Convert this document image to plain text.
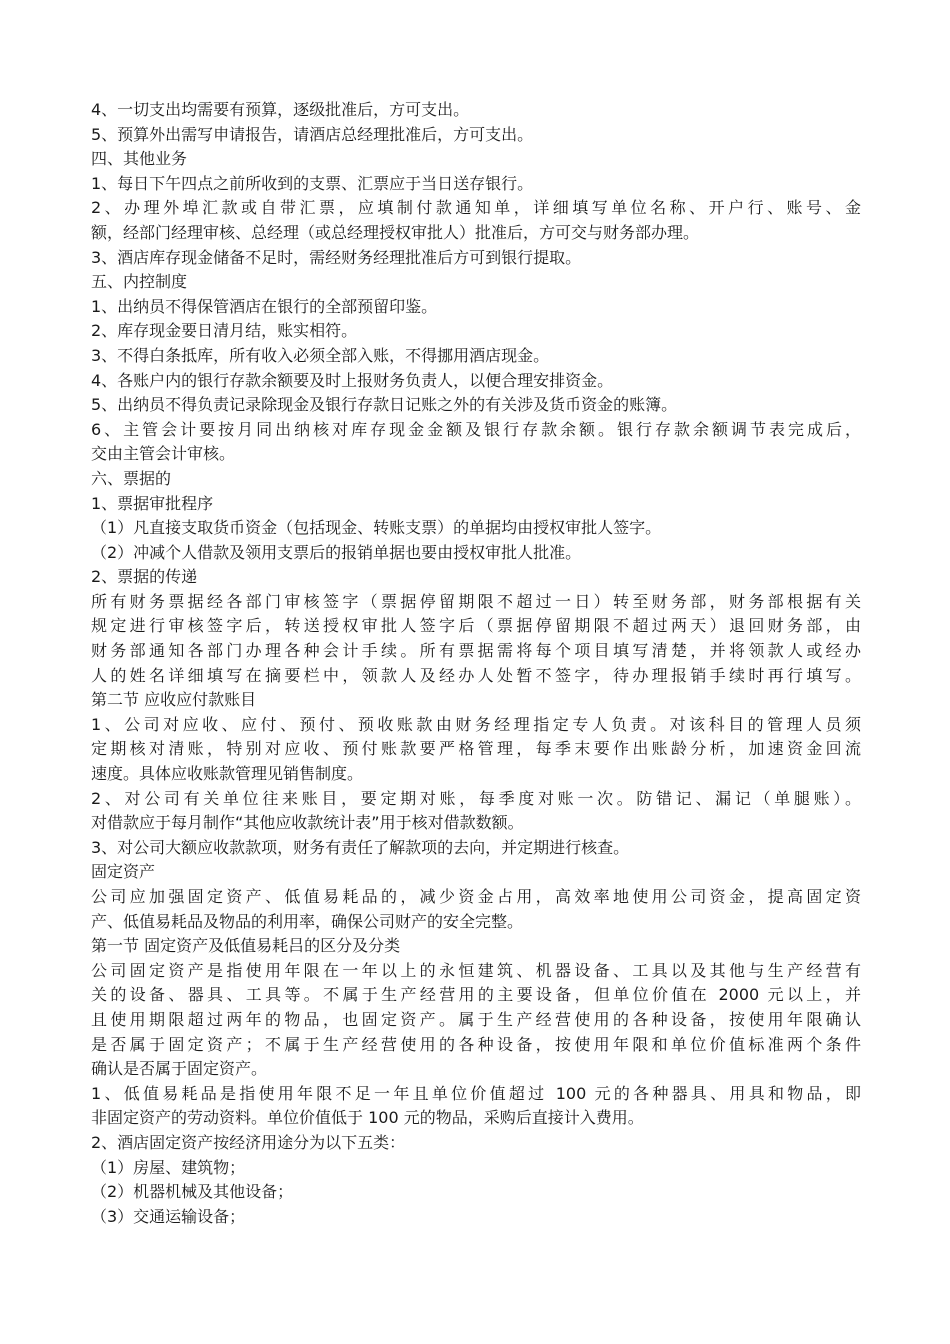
4、一切支出均需要有预算，逐级批准后，方可支出。

5、预算外出需写申请报告，请酒店总经理批准后，方可支出。

四、其他业务

1、每日下午四点之前所收到的支票、汇票应于当日送存银行。

2、办理外埠汇款或自带汇票，应填制付款通知单，详细填写单位名称、开户行、账号、金

额，经部门经理审核、总经理（或总经理授权审批人）批准后，方可交与财务部办理。

3、酒店库存现金储备不足时，需经财务经理批准后方可到银行提取。

五、内控制度

1、出纳员不得保管酒店在银行的全部预留印鉴。

2、库存现金要日清月结，账实相符。

3、不得白条抵库，所有收入必须全部入账，不得挪用酒店现金。

4、各账户内的银行存款余额要及时上报财务负责人，以便合理安排资金。

5、出纳员不得负责记录除现金及银行存款日记账之外的有关涉及货币资金的账簿。

6、主管会计要按月同出纳核对库存现金金额及银行存款余额。银行存款余额调节表完成后，

交由主管会计审核。

六、票据的

1、票据审批程序

（1）凡直接支取货币资金（包括现金、转账支票）的单据均由授权审批人签字。

（2）冲减个人借款及领用支票后的报销单据也要由授权审批人批准。

2、票据的传递

所有财务票据经各部门审核签字（票据停留期限不超过一日）转至财务部，财务部根据有关

规定进行审核签字后，转送授权审批人签字后（票据停留期限不超过两天）退回财务部，由

财务部通知各部门办理各种会计手续。所有票据需将每个项目填写清楚，并将领款人或经办

人的姓名详细填写在摘要栏中，领款人及经办人处暂不签字，待办理报销手续时再行填写。

第二节 应收应付款账目

1、公司对应收、应付、预付、预收账款由财务经理指定专人负责。对该科目的管理人员须

定期核对清账，特别对应收、预付账款要严格管理，每季末要作出账龄分析，加速资金回流

速度。具体应收账款管理见销售制度。

2、对公司有关单位往来账目，要定期对账，每季度对账一次。防错记、漏记（单腿账）。

对借款应于每月制作“其他应收款统计表”用于核对借款数额。

3、对公司大额应收款款项，财务有责任了解款项的去向，并定期进行核查。

固定资产

公司应加强固定资产、低值易耗品的，减少资金占用，高效率地使用公司资金，提高固定资

产、低值易耗品及物品的利用率，确保公司财产的安全完整。

第一节 固定资产及低值易耗吕的区分及分类

公司固定资产是指使用年限在一年以上的永恒建筑、机器设备、工具以及其他与生产经营有

关的设备、器具、工具等。不属于生产经营用的主要设备，但单位价值在 2000 元以上，并

且使用期限超过两年的物品，也固定资产。属于生产经营使用的各种设备，按使用年限确认

是否属于固定资产；不属于生产经营使用的各种设备，按使用年限和单位价值标准两个条件

确认是否属于固定资产。

1、低值易耗品是指使用年限不足一年且单位价值超过 100 元的各种器具、用具和物品，即

非固定资产的劳动资料。单位价值低于 100 元的物品，采购后直接计入费用。

2、酒店固定资产按经济用途分为以下五类：

（1）房屋、建筑物；

（2）机器机械及其他设备；

（3）交通运输设备；
